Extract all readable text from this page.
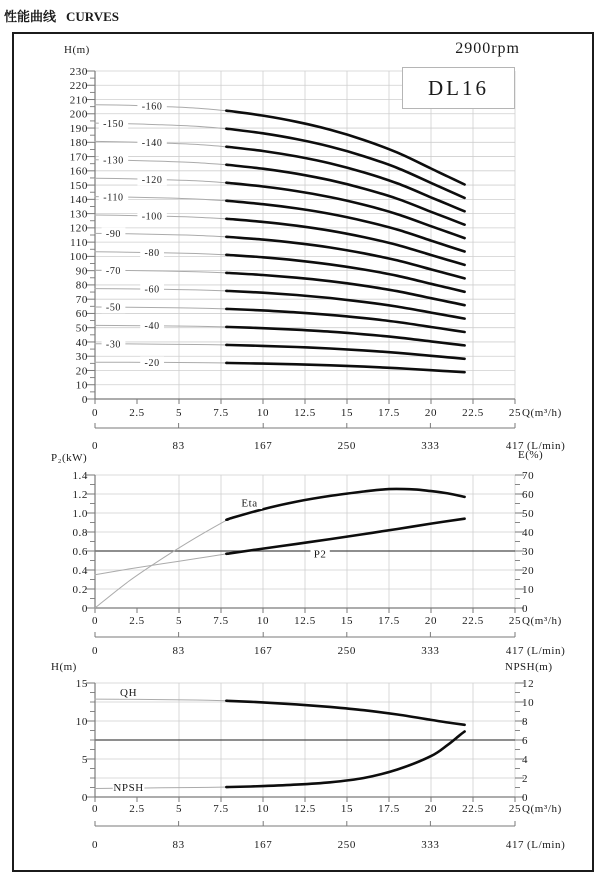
性能曲线 CURVES
0
10
20
30
40
50
60
70
80
90
100
110
120
130
140
150
160
170
180
190
200
210
220
230
0	2.5	5	7.5	10 12.5 15 17.5 20 22.5 25 Q(m³/h)
0	83	167	250	333	417 (L/min)
-20
-30
-40
-50
-60
-70
-80
-90
-100
-110
-120
-130
-140
-150
-160
0
0.2
0.4
0.6
0.8
1.0
1.2
1.4
0
10
20
30
40
50
60
70
0	2.5	5	7.5	10 12.5 15 17.5 20 22.5 25 Q(m³/h)
0	83	167	250	333	417 (L/min)
P2
Eta
0
5
10
15
0
2
4
6
8
10
12
0	2.5	5	7.5	10 12.5 15 17.5 20 22.5 25 Q(m³/h)
0	83	167	250	333	417 (L/min)
QH
NPSH
2900rpm
H(m)
DL16
P₂(kW)	E(%)
H(m)	NPSH(m)
